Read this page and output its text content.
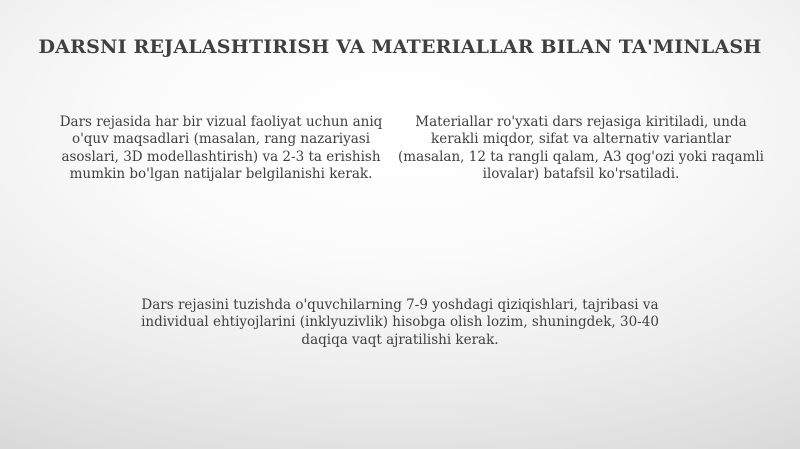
DARSNI REJALASHTIRISH VA MATERIALLAR BILAN TA'MINLASH

Dars rejasida har bir vizual faoliyat uchun aniq o'quv maqsadlari (masalan, rang nazariyasi asoslari, 3D modellashtirish) va 2-3 ta erishish mumkin bo'lgan natijalar belgilanishi kerak.

Materiallar ro'yxati dars rejasiga kiritiladi, unda kerakli miqdor, sifat va alternativ variantlar (masalan, 12 ta rangli qalam, A3 qog'ozi yoki raqamli ilovalar) batafsil ko'rsatiladi.

Dars rejasini tuzishda o'quvchilarning 7-9 yoshdagi qiziqishlari, tajribasi va individual ehtiyojlarini (inklyuzivlik) hisobga olish lozim, shuningdek, 30-40 daqiqa vaqt ajratilishi kerak.
